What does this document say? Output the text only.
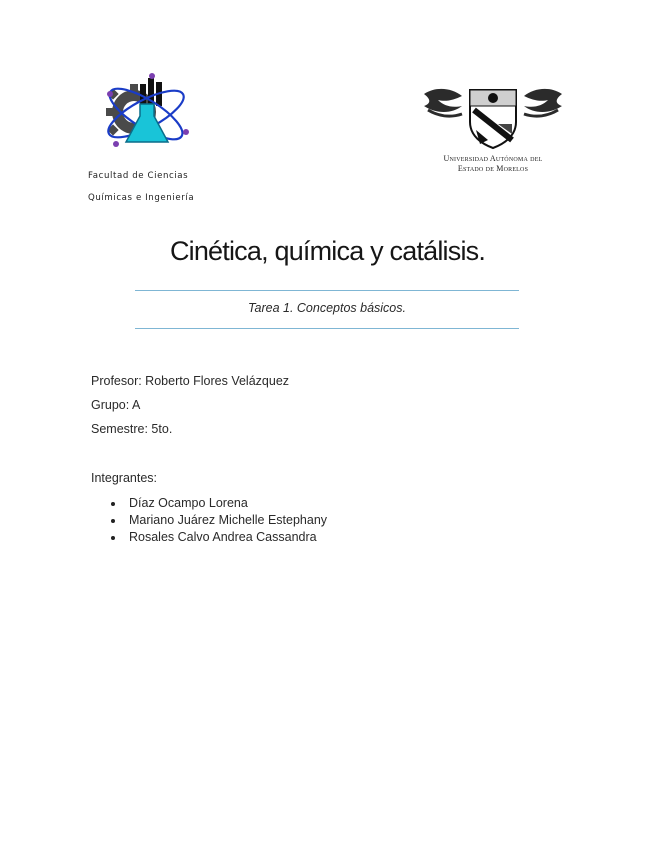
Facultad de Ciencias

Químicas e Ingeniería

Universidad Autónoma del
Estado de Morelos
Cinética, química y catálisis.
Tarea 1. Conceptos básicos.
Profesor: Roberto Flores Velázquez
Grupo: A
Semestre: 5to.
Integrantes:
Díaz Ocampo Lorena
Mariano Juárez Michelle Estephany
Rosales Calvo Andrea Cassandra
